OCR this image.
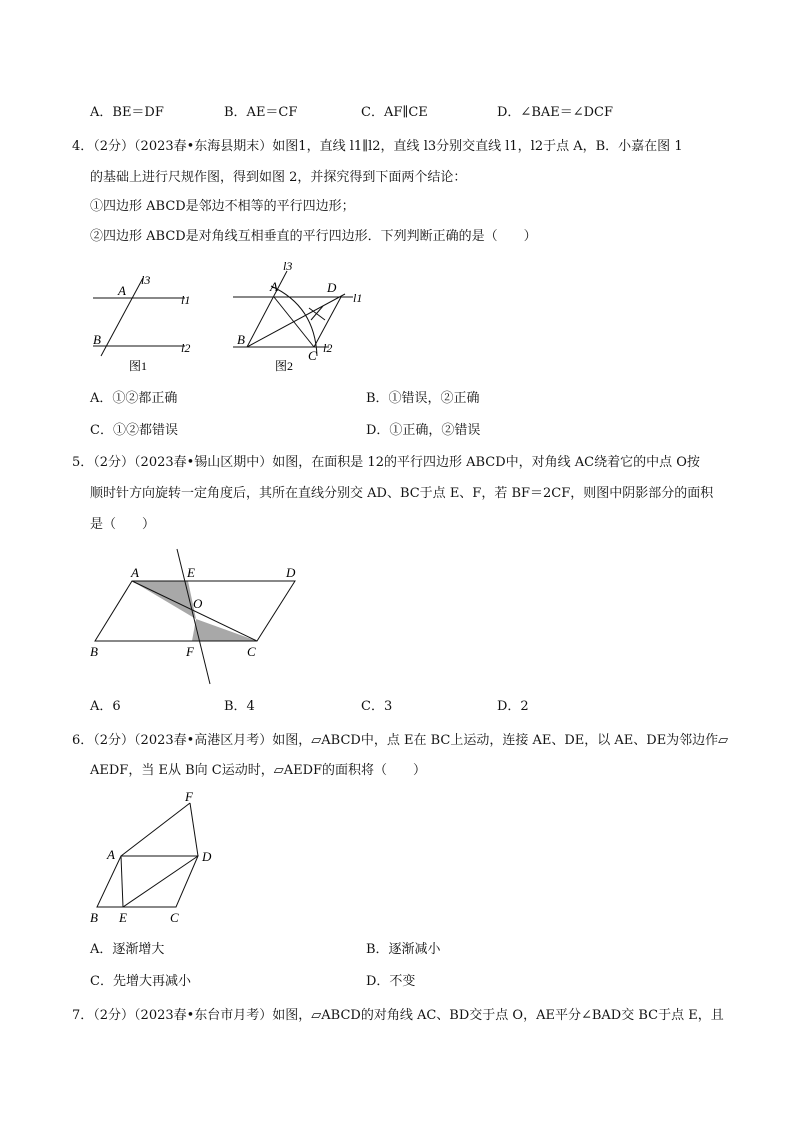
A．BE＝DF	B．AE＝CF	C．AF∥CE	D．∠BAE＝∠DCF
4．（2分）（2023春•东海县期末）如图1，直线 l1∥l2，直线 l3分别交直线 l1，l2于点 A，B．小嘉在图 1
的基础上进行尺规作图，得到如图 2，并探究得到下面两个结论：
①四边形 ABCD是邻边不相等的平行四边形；
②四边形 ABCD是对角线互相垂直的平行四边形．下列判断正确的是（　　）
A
B
l3
l1
l2
图1
A
B
C
D
l3
l1
l2
图2
A．①②都正确	B．①错误，②正确
C．①②都错误	D．①正确，②错误
5．（2分）（2023春•锡山区期中）如图，在面积是 12的平行四边形 ABCD中，对角线 AC绕着它的中点 O按
顺时针方向旋转一定角度后，其所在直线分别交 AD、BC于点 E、F，若 BF＝2CF，则图中阴影部分的面积
是（　　）
A	E	D
O
B	F	C
A．6	B．4	C．3	D．2
6．（2分）（2023春•高港区月考）如图，▱ABCD中，点 E在 BC上运动，连接 AE、DE，以 AE、DE为邻边作▱
AEDF，当 E从 B向 C运动时，▱AEDF的面积将（　　）
A
F
D
B E	C
A．逐渐增大	B．逐渐减小
C．先增大再减小	D．不变
7．（2分）（2023春•东台市月考）如图，▱ABCD的对角线 AC、BD交于点 O，AE平分∠BAD交 BC于点 E，且
